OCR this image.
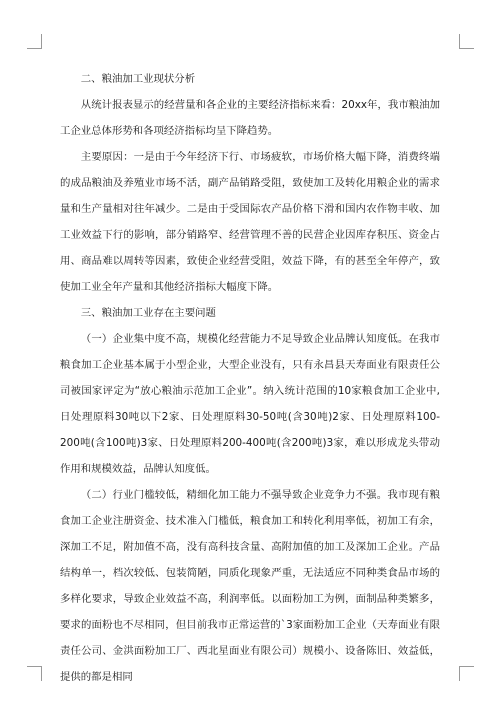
二、粮油加工业现状分析

从统计报表显示的经营量和各企业的主要经济指标来看：20xx年，我市粮油加工企业总体形势和各项经济指标均呈下降趋势。

主要原因：一是由于今年经济下行、市场疲软，市场价格大幅下降，消费终端的成品粮油及养殖业市场不活，副产品销路受阻，致使加工及转化用粮企业的需求量和生产量相对往年减少。二是由于受国际农产品价格下滑和国内农作物丰收、加工业效益下行的影响，部分销路窄、经营管理不善的民营企业因库存积压、资金占用、商品难以周转等因素，致使企业经营受阻，效益下降，有的甚至全年停产，致使加工业全年产量和其他经济指标大幅度下降。

三、粮油加工业存在主要问题

（一）企业集中度不高，规模化经营能力不足导致企业品牌认知度低。在我市粮食加工企业基本属于小型企业，大型企业没有，只有永昌县天寿面业有限责任公司被国家评定为“放心粮油示范加工企业”。纳入统计范围的10家粮食加工企业中,日处理原料30吨以下2家、日处理原料30-50吨(含30吨)2家、日处理原料100-200吨(含100吨)3家、日处理原料200-400吨(含200吨)3家，难以形成龙头带动作用和规模效益，品牌认知度低。

（二）行业门槛较低，精细化加工能力不强导致企业竞争力不强。我市现有粮食加工企业注册资金、技术准入门槛低，粮食加工和转化利用率低，初加工有余，深加工不足，附加值不高，没有高科技含量、高附加值的加工及深加工企业。产品结构单一，档次较低、包装简陋，同质化现象严重，无法适应不同种类食品市场的多样化要求，导致企业效益不高，利润率低。以面粉加工为例，面制品种类繁多，要求的面粉也不尽相同，但目前我市正常运营的`3家面粉加工企业（天寿面业有限责任公司、金洪面粉加工厂、西北星面业有限公司）规模小、设备陈旧、效益低，提供的都是相同
